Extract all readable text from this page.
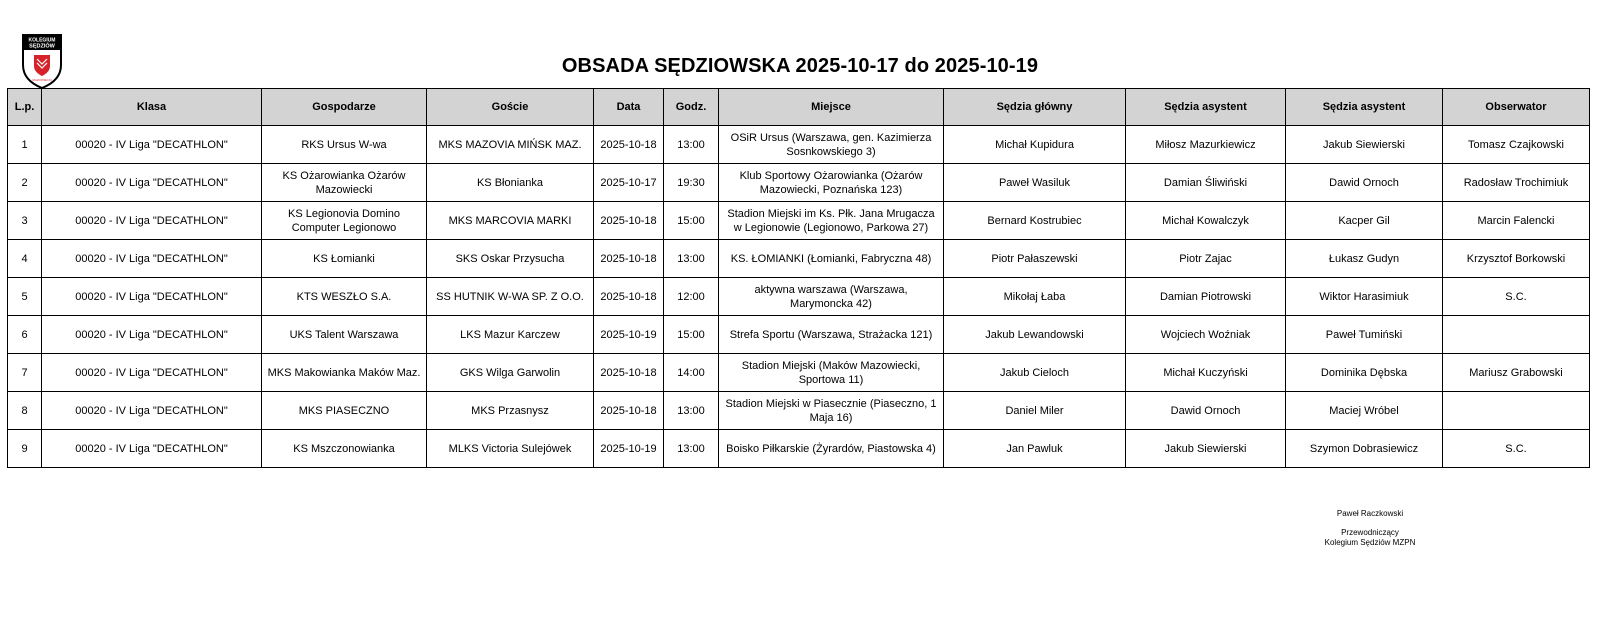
KOLEGIUM
SĘDZIÓW
MAZOWIECKI
OBSADA SĘDZIOWSKA 2025-10-17 do 2025-10-19
L.p.	Klasa	Gospodarze	Goście	Data	Godz.	Miejsce	Sędzia główny	Sędzia asystent	Sędzia asystent	Obserwator
1	00020 - IV Liga "DECATHLON"	RKS Ursus W-wa	MKS MAZOVIA MIŃSK MAZ.	2025-10-18	13:00	OSiR Ursus (Warszawa, gen. Kazimierza Sosnkowskiego 3)	Michał Kupidura	Miłosz Mazurkiewicz	Jakub Siewierski	Tomasz Czajkowski
2	00020 - IV Liga "DECATHLON"	KS Ożarowianka Ożarów Mazowiecki	KS Błonianka	2025-10-17	19:30	Klub Sportowy Ożarowianka (Ożarów Mazowiecki, Poznańska 123)	Paweł Wasiluk	Damian Śliwiński	Dawid Ornoch	Radosław Trochimiuk
3	00020 - IV Liga "DECATHLON"	KS Legionovia Domino Computer Legionowo	MKS MARCOVIA MARKI	2025-10-18	15:00	Stadion Miejski im Ks. Płk. Jana Mrugacza w Legionowie (Legionowo, Parkowa 27)	Bernard Kostrubiec	Michał Kowalczyk	Kacper Gil	Marcin Falencki
4	00020 - IV Liga "DECATHLON"	KS Łomianki	SKS Oskar Przysucha	2025-10-18	13:00	KS. ŁOMIANKI (Łomianki, Fabryczna 48)	Piotr Pałaszewski	Piotr Zajac	Łukasz Gudyn	Krzysztof Borkowski
5	00020 - IV Liga "DECATHLON"	KTS WESZŁO S.A.	SS HUTNIK W-WA SP. Z O.O.	2025-10-18	12:00	aktywna warszawa (Warszawa, Marymoncka 42)	Mikołaj Łaba	Damian Piotrowski	Wiktor Harasimiuk	S.C.
6	00020 - IV Liga "DECATHLON"	UKS Talent Warszawa	LKS Mazur Karczew	2025-10-19	15:00	Strefa Sportu (Warszawa, Strażacka 121)	Jakub Lewandowski	Wojciech Woźniak	Paweł Tumiński	
7	00020 - IV Liga "DECATHLON"	MKS Makowianka Maków Maz.	GKS Wilga Garwolin	2025-10-18	14:00	Stadion Miejski (Maków Mazowiecki, Sportowa 11)	Jakub Cieloch	Michał Kuczyński	Dominika Dębska	Mariusz Grabowski
8	00020 - IV Liga "DECATHLON"	MKS PIASECZNO	MKS Przasnysz	2025-10-18	13:00	Stadion Miejski w Piasecznie (Piaseczno, 1 Maja 16)	Daniel Miler	Dawid Ornoch	Maciej Wróbel	
9	00020 - IV Liga "DECATHLON"	KS Mszczonowianka	MLKS Victoria Sulejówek	2025-10-19	13:00	Boisko Piłkarskie (Żyrardów, Piastowska 4)	Jan Pawluk	Jakub Siewierski	Szymon Dobrasiewicz	S.C.
Paweł Raczkowski
Przewodniczący
Kolegium Sędziów MZPN
